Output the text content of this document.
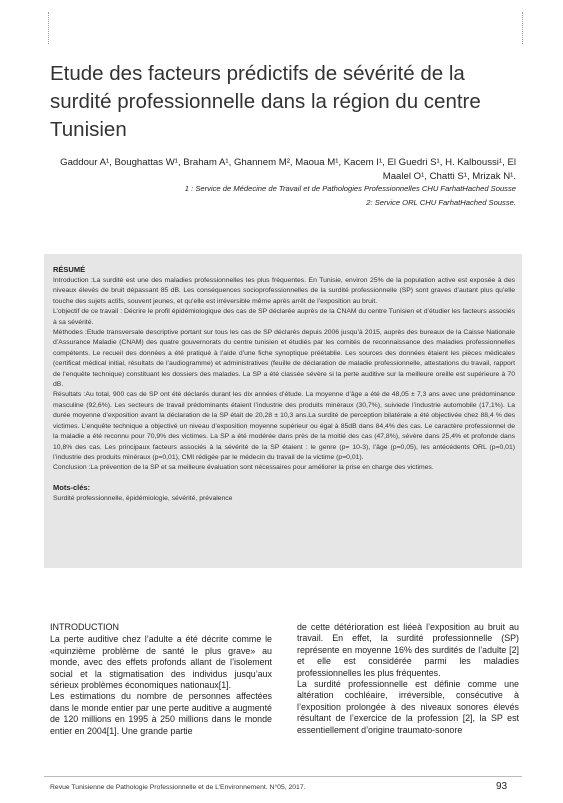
Etude des facteurs prédictifs de sévérité de la surdité professionnelle dans la région du centre Tunisien
Gaddour A¹, Boughattas W¹, Braham A¹, Ghannem M², Maoua M¹, Kacem I¹, El Guedri S¹, H. Kalboussi¹, El Maalel O¹, Chatti S¹, Mrizak N¹.
1 : Service de Médecine de Travail et de Pathologies Professionnelles CHU FarhatHached Sousse
2: Service ORL CHU FarhatHached Sousse.
RÉSUMÉ

Introduction :La surdité est une des maladies professionnelles les plus fréquentes. En Tunisie, environ 25% de la population active est exposée à des niveaux élevés de bruit dépassant 85 dB. Les conséquences socioprofessionnelles de la surdité professionnelle (SP) sont graves d’autant plus qu’elle touche des sujets actifs, souvent jeunes, et qu’elle est irréversible même après arrêt de l’exposition au bruit.

L’objectif de ce travail : Décrire le profil épidémiologique des cas de SP déclarée auprès de la CNAM du centre Tunisien et d’étudier les facteurs associés à sa sévérité.

Méthodes :Etude transversale descriptive portant sur tous les cas de SP déclarés depuis 2006 jusqu’à 2015, auprès des bureaux de la Caisse Nationale d’Assurance Maladie (CNAM) des quatre gouvernorats du centre tunisien et étudiés par les comités de reconnaissance des maladies professionnelles compétents. Le recueil des données a été pratiqué à l’aide d’une fiche synoptique préétablie. Les sources des données étaient les pièces médicales (certificat médical initial, résultats de l’audiogramme) et administratives (feuille de déclaration de maladie professionnelle, attestations du travail, rapport de l’enquête technique) constituant les dossiers des malades. La SP a été classée sévère si la perte auditive sur la meilleure oreille est supérieure à 70 dB.

Résultats :Au total, 900 cas de SP ont été déclarés durant les dix années d’étude. La moyenne d’âge a été de 48,05 ± 7,3 ans avec une prédominance masculine (92,6%). Les secteurs de travail prédominants étaient l’industrie des produits minéraux (30,7%), suiviede l’industrie automobile (17,1%). La durée moyenne d’exposition avant la déclaration de la SP était de 20,28 ± 10,3 ans.La surdité de perception bilatérale a été objectivée chez 88,4 % des victimes. L’enquête technique a objectivé un niveau d’exposition moyenne supérieur ou égal à 85dB dans 84,4% des cas. Le caractère professionnel de la maladie a été reconnu pour 70,9% des victimes. La SP a été modérée dans près de la moitié des cas (47,8%), sévère dans 25,4% et profonde dans 10,8% des cas. Les principaux facteurs associés à la sévérité de la SP étaient : le genre (p= 10-3), l’âge (p=0,05), les antécédents ORL (p=0,01) l’industrie des produits minéraux (p=0,01), CMI rédigée par le médecin du travail de la victime (p=0,01).

Conclusion :La prévention de la SP et sa meilleure évaluation sont nécessaires pour améliorer la prise en charge des victimes.

Mots-clés:

Surdité professionnelle, épidémiologie, sévérité, prévalence

INTRODUCTION

La perte auditive chez l’adulte a été décrite comme le «quinzième problème de santé le plus grave» au monde, avec des effets profonds allant de l’isolement social et la stigmatisation des individus jusqu’aux sérieux problèmes économiques nationaux[1].

Les estimations du nombre de personnes affectées dans le monde entier par une perte auditive a augmenté de 120 millions en 1995 à 250 millions dans le monde entier en 2004[1]. Une grande partie

de cette détérioration est liéeà l’exposition au bruit au travail. En effet, la surdité professionnelle (SP) représente en moyenne 16% des surdités de l’adulte [2] et elle est considérée parmi les maladies professionnelles les plus fréquentes.

La surdité professionnelle est définie comme une altération cochléaire, irréversible, consécutive à l’exposition prolongée à des niveaux sonores élevés résultant de l’exercice de la profession [2], la SP est essentiellement d’origine traumato-sonore

Revue Tunisienne de Pathologie Professionnelle et de L’Environnement. N°05, 2017.	93
